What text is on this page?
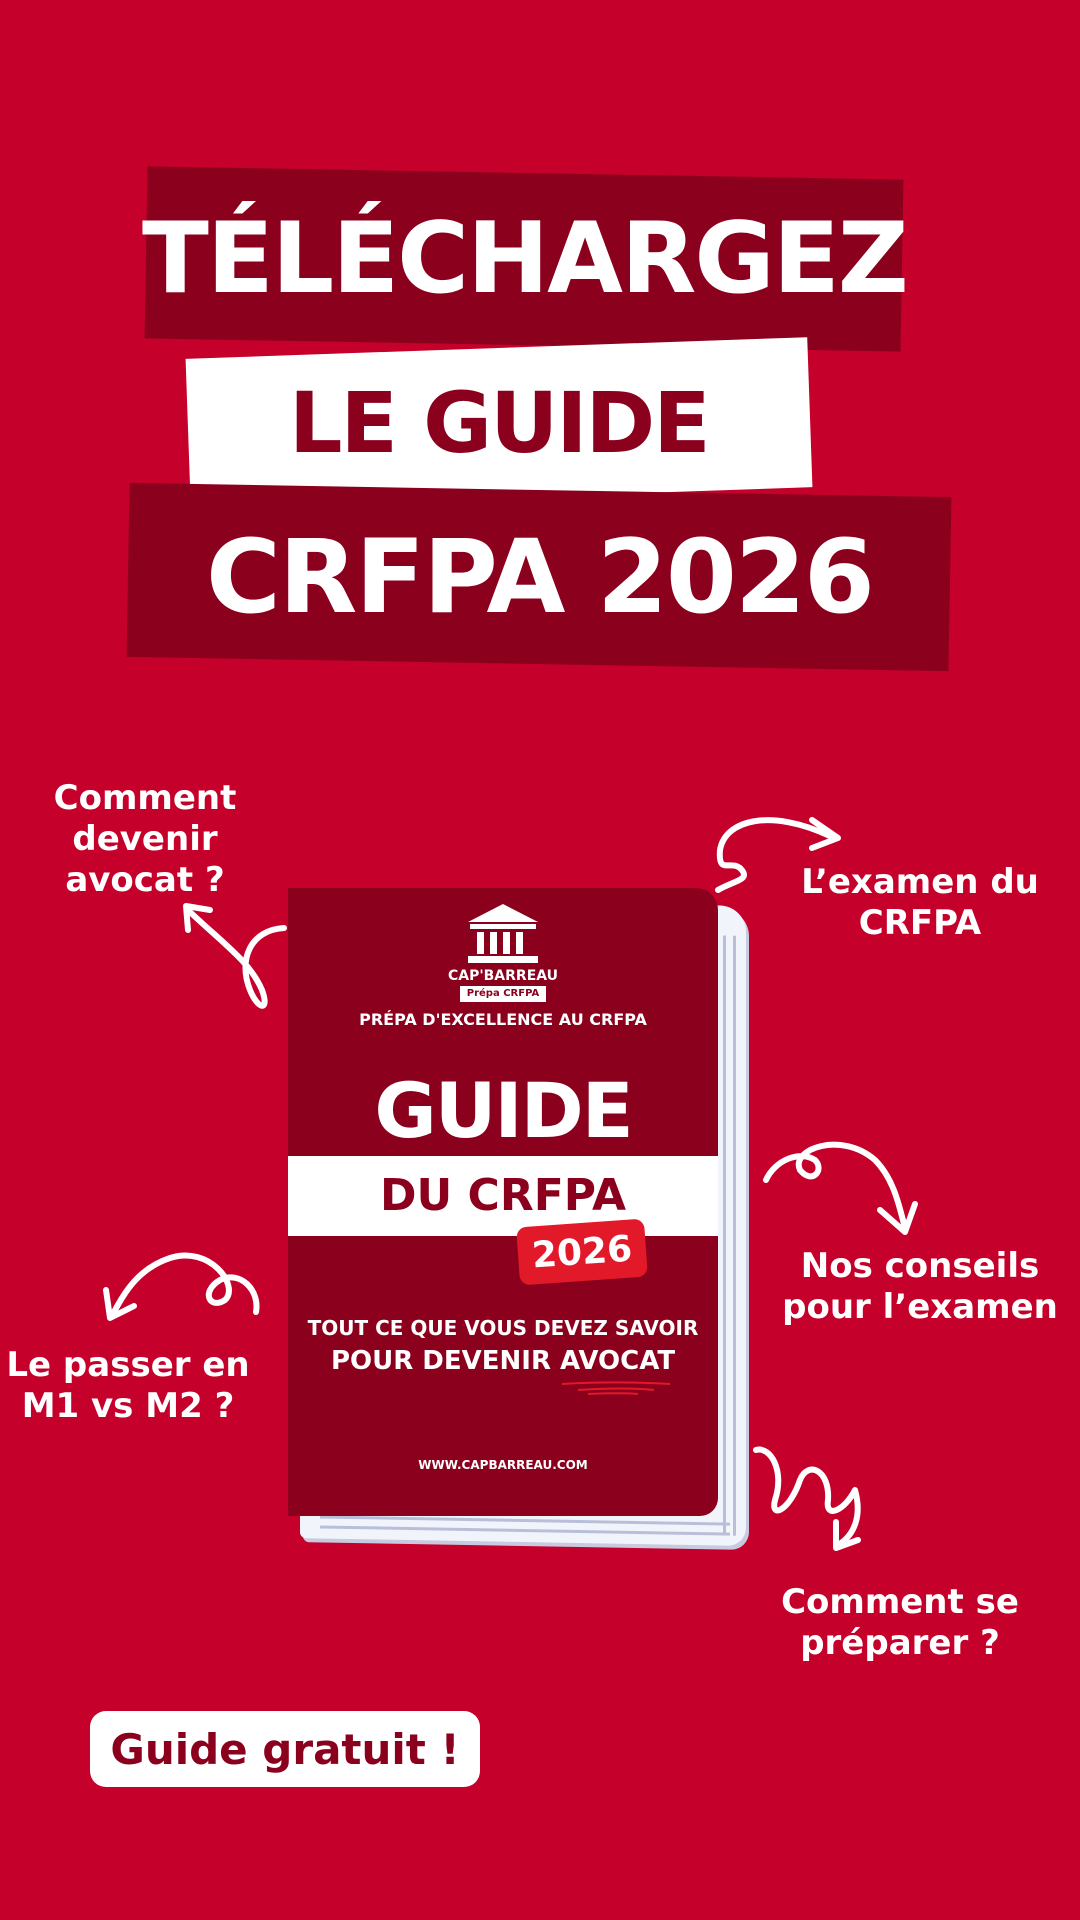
TÉLÉCHARGEZ
LE GUIDE
CRFPA 2026
Comment devenir avocat ?	L’examen du CRFPA
Nos conseils pour l’examen
Le passer en M1 vs M2 ?
Comment se préparer ?
CAP'BARREAU
Prépa CRFPA
PRÉPA D'EXCELLENCE AU CRFPA
GUIDE
DU CRFPA
2026
TOUT CE QUE VOUS DEVEZ SAVOIR
POUR DEVENIR AVOCAT
WWW.CAPBARREAU.COM
Guide gratuit !
